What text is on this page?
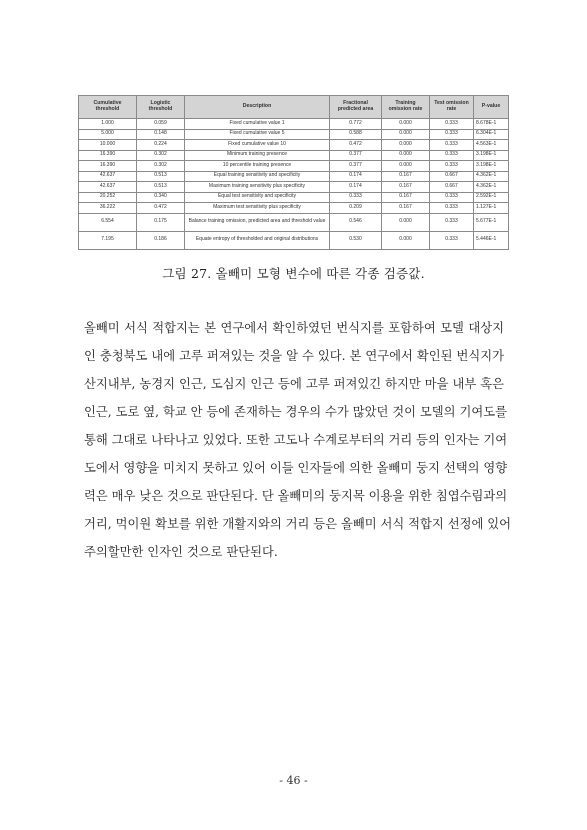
Cumulative threshold	Logistic threshold	Description	Fractional predicted area	Training omission rate	Test omission rate	P-value
1.000	0.059	Fixed cumulative value 1	0.772	0.000	0.333	8.678E-1
5.000	0.148	Fixed cumulative value 5	0.588	0.000	0.333	6.304E-1
10.000	0.224	Fixed cumulative value 10	0.472	0.000	0.333	4.563E-1
16.390	0.302	Minimum training presence	0.377	0.000	0.333	3.198E-1
16.390	0.302	10 percentile training presence	0.377	0.000	0.333	3.198E-1
42.637	0.513	Equal training sensitivity and specificity	0.174	0.167	0.667	4.362E-1
42.637	0.513	Maximum training sensitivity plus specificity	0.174	0.167	0.667	4.362E-1
20.252	0.340	Equal test sensitivity and specificity	0.333	0.167	0.333	2.592E-1
36.222	0.472	Maximum test sensitivity plus specificity	0.209	0.167	0.333	1.127E-1
6.554	0.175	Balance training omission, predicted area and threshold value	0.546	0.000	0.333	5.677E-1
7.195	0.186	Equate entropy of thresholded and original distributions	0.530	0.000	0.333	5.446E-1
그림 27. 올빼미 모형 변수에 따른 각종 검증값.
올빼미 서식 적합지는 본 연구에서 확인하였던 번식지를 포함하여 모델 대상지
인 충청북도 내에 고루 퍼져있는 것을 알 수 있다. 본 연구에서 확인된 번식지가
산지내부, 농경지 인근, 도심지 인근 등에 고루 퍼져있긴 하지만 마을 내부 혹은
인근, 도로 옆, 학교 안 등에 존재하는 경우의 수가 많았던 것이 모델의 기여도를
통해 그대로 나타나고 있었다. 또한 고도나 수계로부터의 거리 등의 인자는 기여
도에서 영향을 미치지 못하고 있어 이들 인자들에 의한 올빼미 둥지 선택의 영향
력은 매우 낮은 것으로 판단된다. 단 올빼미의 둥지목 이용을 위한 침엽수림과의
거리, 먹이원 확보를 위한 개활지와의 거리 등은 올빼미 서식 적합지 선정에 있어
주의할만한 인자인 것으로 판단된다.
- 46 -
